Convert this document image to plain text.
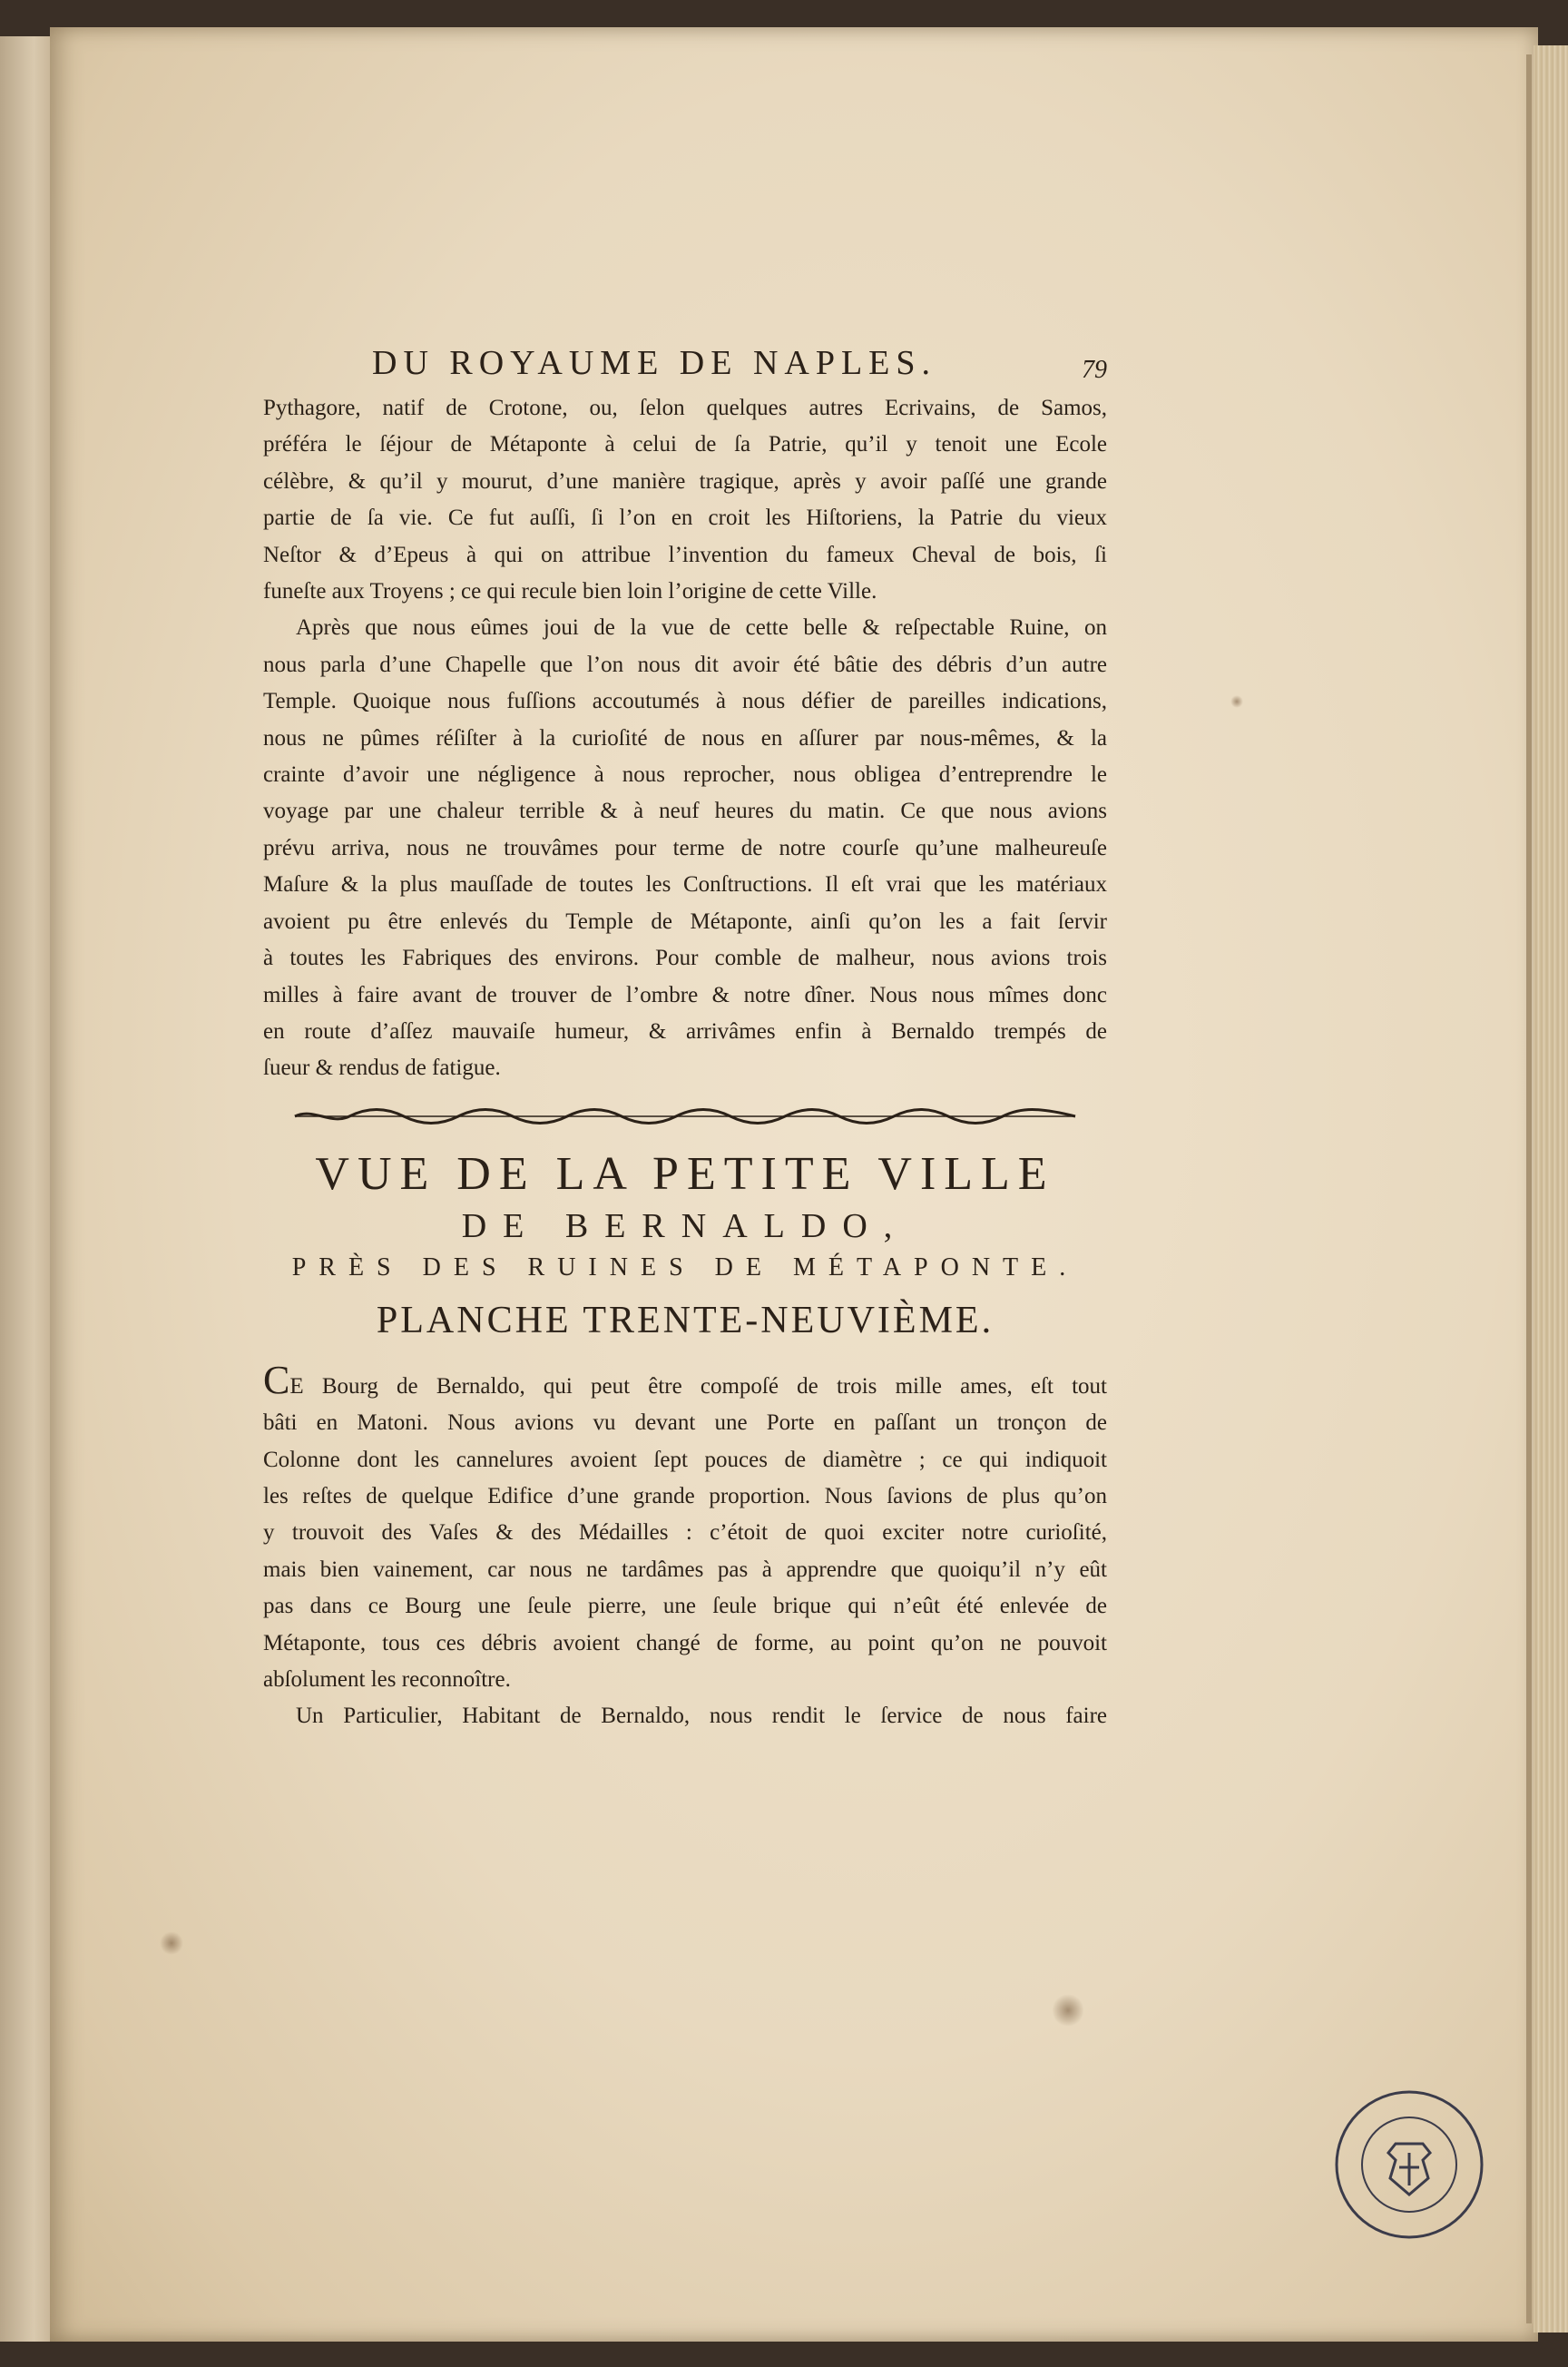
DU ROYAUME DE NAPLES.	79

Pythagore, natif de Crotone, ou, ſelon quelques autres Ecrivains, de Samos,
préféra le ſéjour de Métaponte à celui de ſa Patrie, qu’il y tenoit une Ecole
célèbre, & qu’il y mourut, d’une manière tragique, après y avoir paſſé une grande
partie de ſa vie. Ce fut auſſi, ſi l’on en croit les Hiſtoriens, la Patrie du vieux
Neſtor & d’Epeus à qui on attribue l’invention du fameux Cheval de bois, ſi
funeſte aux Troyens ; ce qui recule bien loin l’origine de cette Ville.

Après que nous eûmes joui de la vue de cette belle & reſpectable Ruine, on
nous parla d’une Chapelle que l’on nous dit avoir été bâtie des débris d’un autre
Temple. Quoique nous fuſſions accoutumés à nous défier de pareilles indications,
nous ne pûmes réſiſter à la curioſité de nous en aſſurer par nous-mêmes, & la
crainte d’avoir une négligence à nous reprocher, nous obligea d’entreprendre le
voyage par une chaleur terrible & à neuf heures du matin. Ce que nous avions
prévu arriva, nous ne trouvâmes pour terme de notre courſe qu’une malheureuſe
Maſure & la plus mauſſade de toutes les Conſtructions. Il eſt vrai que les matériaux
avoient pu être enlevés du Temple de Métaponte, ainſi qu’on les a fait ſervir
à toutes les Fabriques des environs. Pour comble de malheur, nous avions trois
milles à faire avant de trouver de l’ombre & notre dîner. Nous nous mîmes donc
en route d’aſſez mauvaiſe humeur, & arrivâmes enfin à Bernaldo trempés de
ſueur & rendus de fatigue.

VUE DE LA PETITE VILLE
DE BERNALDO,
PRÈS DES RUINES DE MÉTAPONTE.
PLANCHE TRENTE-NEUVIÈME.

CE Bourg de Bernaldo, qui peut être compoſé de trois mille ames, eſt tout
bâti en Matoni. Nous avions vu devant une Porte en paſſant un tronçon de
Colonne dont les cannelures avoient ſept pouces de diamètre ; ce qui indiquoit
les reſtes de quelque Edifice d’une grande proportion. Nous ſavions de plus qu’on
y trouvoit des Vaſes & des Médailles : c’étoit de quoi exciter notre curioſité,
mais bien vainement, car nous ne tardâmes pas à apprendre que quoiqu’il n’y eût
pas dans ce Bourg une ſeule pierre, une ſeule brique qui n’eût été enlevée de
Métaponte, tous ces débris avoient changé de forme, au point qu’on ne pouvoit
abſolument les reconnoître.

Un Particulier, Habitant de Bernaldo, nous rendit le ſervice de nous faire
